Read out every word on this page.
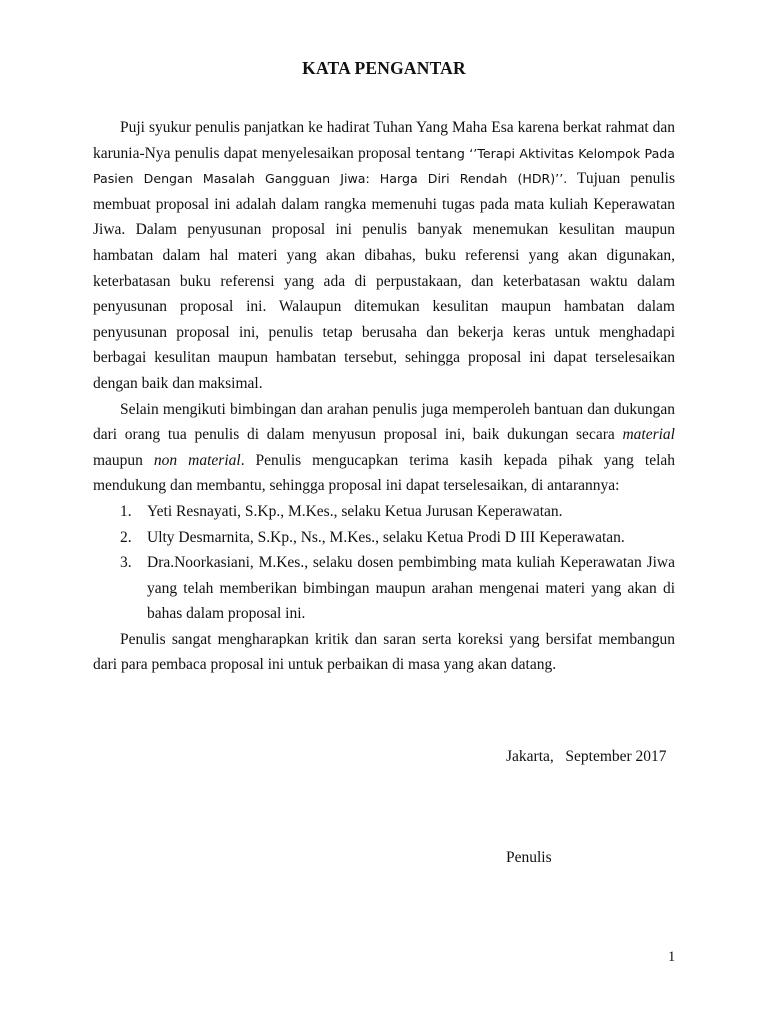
KATA PENGANTAR

Puji syukur penulis panjatkan ke hadirat Tuhan Yang Maha Esa karena berkat rahmat dan karunia-Nya penulis dapat menyelesaikan proposal tentang ‘’Terapi Aktivitas Kelompok Pada Pasien Dengan Masalah Gangguan Jiwa: Harga Diri Rendah (HDR)’’. Tujuan penulis membuat proposal ini adalah dalam rangka memenuhi tugas pada mata kuliah Keperawatan Jiwa. Dalam penyusunan proposal ini penulis banyak menemukan kesulitan maupun hambatan dalam hal materi yang akan dibahas, buku referensi yang akan digunakan, keterbatasan buku referensi yang ada di perpustakaan, dan keterbatasan waktu dalam penyusunan proposal ini. Walaupun ditemukan kesulitan maupun hambatan dalam penyusunan proposal ini, penulis tetap berusaha dan bekerja keras untuk menghadapi berbagai kesulitan maupun hambatan tersebut, sehingga proposal ini dapat terselesaikan dengan baik dan maksimal.

Selain mengikuti bimbingan dan arahan penulis juga memperoleh bantuan dan dukungan dari orang tua penulis di dalam menyusun proposal ini, baik dukungan secara material maupun non material. Penulis mengucapkan terima kasih kepada pihak yang telah mendukung dan membantu, sehingga proposal ini dapat terselesaikan, di antarannya:

1. Yeti Resnayati, S.Kp., M.Kes., selaku Ketua Jurusan Keperawatan.
2. Ulty Desmarnita, S.Kp., Ns., M.Kes., selaku Ketua Prodi D III Keperawatan.
3. Dra.Noorkasiani, M.Kes., selaku dosen pembimbing mata kuliah Keperawatan Jiwa yang telah memberikan bimbingan maupun arahan mengenai materi yang akan di bahas dalam proposal ini.

Penulis sangat mengharapkan kritik dan saran serta koreksi yang bersifat membangun dari para pembaca proposal ini untuk perbaikan di masa yang akan datang.

Jakarta,   September 2017
Penulis
1
